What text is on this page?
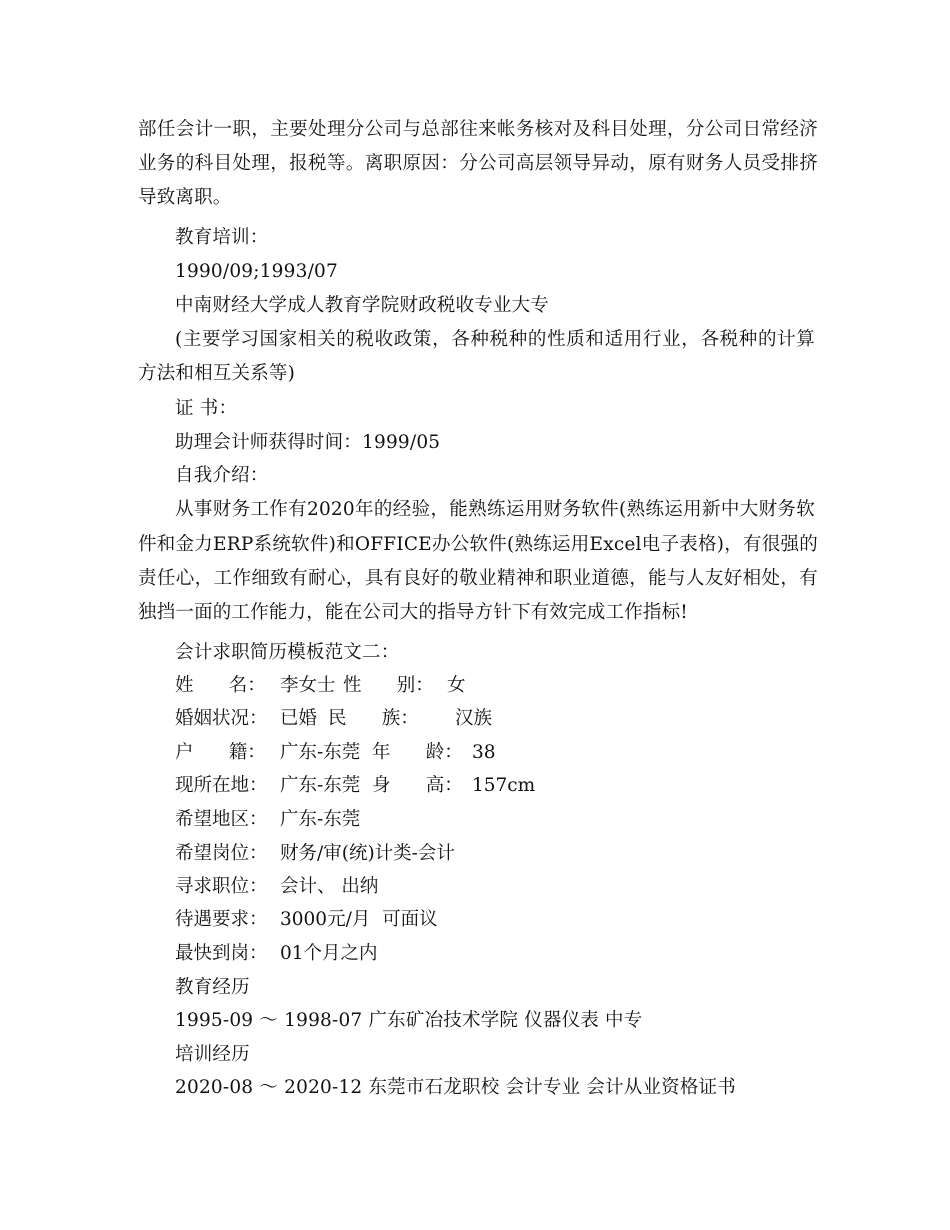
部任会计一职，主要处理分公司与总部往来帐务核对及科目处理，分公司日常经济
业务的科目处理，报税等。离职原因：分公司高层领导异动，原有财务人员受排挤
导致离职。
教育培训：
1990/09;1993/07
中南财经大学成人教育学院财政税收专业大专
(主要学习国家相关的税收政策，各种税种的性质和适用行业，各税种的计算
方法和相互关系等)
证 书：
助理会计师获得时间：1999/05
自我介绍：
从事财务工作有2020年的经验，能熟练运用财务软件(熟练运用新中大财务软
件和金力ERP系统软件)和OFFICE办公软件(熟练运用Excel电子表格)，有很强的
责任心，工作细致有耐心，具有良好的敬业精神和职业道德，能与人友好相处，有
独挡一面的工作能力，能在公司大的指导方针下有效完成工作指标!
会计求职简历模板范文二：
姓      名： 李女士 性      别： 女
婚姻状况： 已婚 民      族： 汉族
户      籍： 广东-东莞 年      龄： 38
现所在地： 广东-东莞 身      高： 157cm
希望地区： 广东-东莞
希望岗位： 财务/审(统)计类-会计
寻求职位： 会计、 出纳
待遇要求： 3000元/月  可面议
最快到岗： 01个月之内
教育经历
1995-09 ～ 1998-07 广东矿冶技术学院 仪器仪表 中专
培训经历
2020-08 ～ 2020-12 东莞市石龙职校 会计专业 会计从业资格证书
